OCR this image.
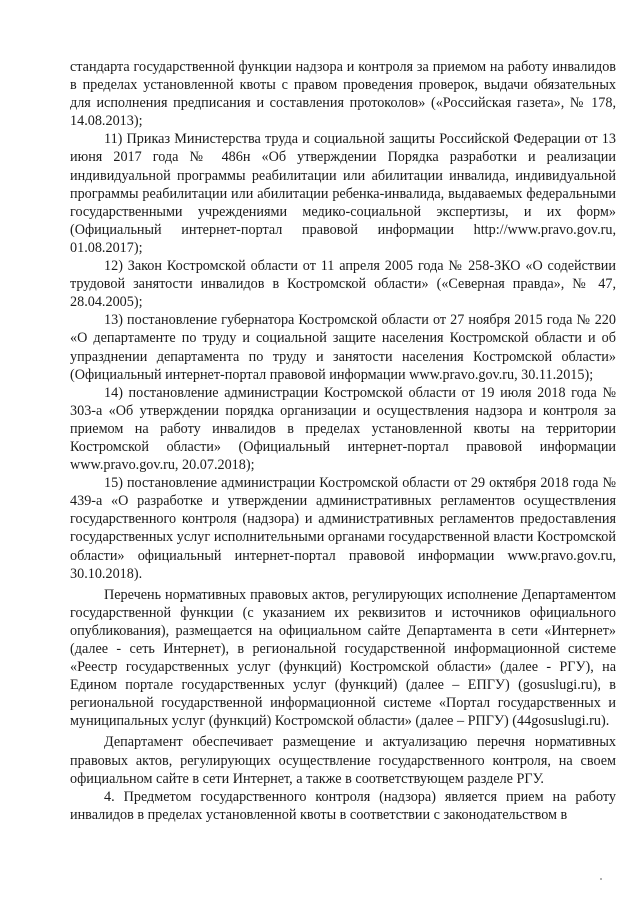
стандарта государственной функции надзора и контроля за приемом на работу инвалидов в пределах установленной квоты с правом проведения проверок, выдачи обязательных для исполнения предписания и составления протоколов» («Российская газета», № 178, 14.08.2013);

11) Приказ Министерства труда и социальной защиты Российской Федерации от 13 июня 2017 года № 486н «Об утверждении Порядка разработки и реализации индивидуальной программы реабилитации или абилитации инвалида, индивидуальной программы реабилитации или абилитации ребенка-инвалида, выдаваемых федеральными государственными учреждениями медико-социальной экспертизы, и их форм» (Официальный интернет-портал правовой информации http://www.pravo.gov.ru, 01.08.2017);

12) Закон Костромской области от 11 апреля 2005 года № 258-ЗКО «О содействии трудовой занятости инвалидов в Костромской области» («Северная правда», № 47, 28.04.2005);

13) постановление губернатора Костромской области от 27 ноября 2015 года № 220 «О департаменте по труду и социальной защите населения Костромской области и об упразднении департамента по труду и занятости населения Костромской области» (Официальный интернет-портал правовой информации www.pravo.gov.ru, 30.11.2015);

14) постановление администрации Костромской области от 19 июля 2018 года № 303-а «Об утверждении порядка организации и осуществления надзора и контроля за приемом на работу инвалидов в пределах установленной квоты на территории Костромской области» (Официальный интернет-портал правовой информации www.pravo.gov.ru, 20.07.2018);

15) постановление администрации Костромской области от 29 октября 2018 года № 439-а «О разработке и утверждении административных регламентов осуществления государственного контроля (надзора) и административных регламентов предоставления государственных услуг исполнительными органами государственной власти Костромской области» официальный интернет-портал правовой информации www.pravo.gov.ru, 30.10.2018).

Перечень нормативных правовых актов, регулирующих исполнение Департаментом государственной функции (с указанием их реквизитов и источников официального опубликования), размещается на официальном сайте Департамента в сети «Интернет» (далее - сеть Интернет), в региональной государственной информационной системе «Реестр государственных услуг (функций) Костромской области» (далее - РГУ), на Едином портале государственных услуг (функций) (далее – ЕПГУ) (gosuslugi.ru), в региональной государственной информационной системе «Портал государственных и муниципальных услуг (функций) Костромской области» (далее – РПГУ) (44gosuslugi.ru).

Департамент обеспечивает размещение и актуализацию перечня нормативных правовых актов, регулирующих осуществление государственного контроля, на своем официальном сайте в сети Интернет, а также в соответствующем разделе РГУ.

4. Предметом государственного контроля (надзора) является прием на работу инвалидов в пределах установленной квоты в соответствии с законодательством в
